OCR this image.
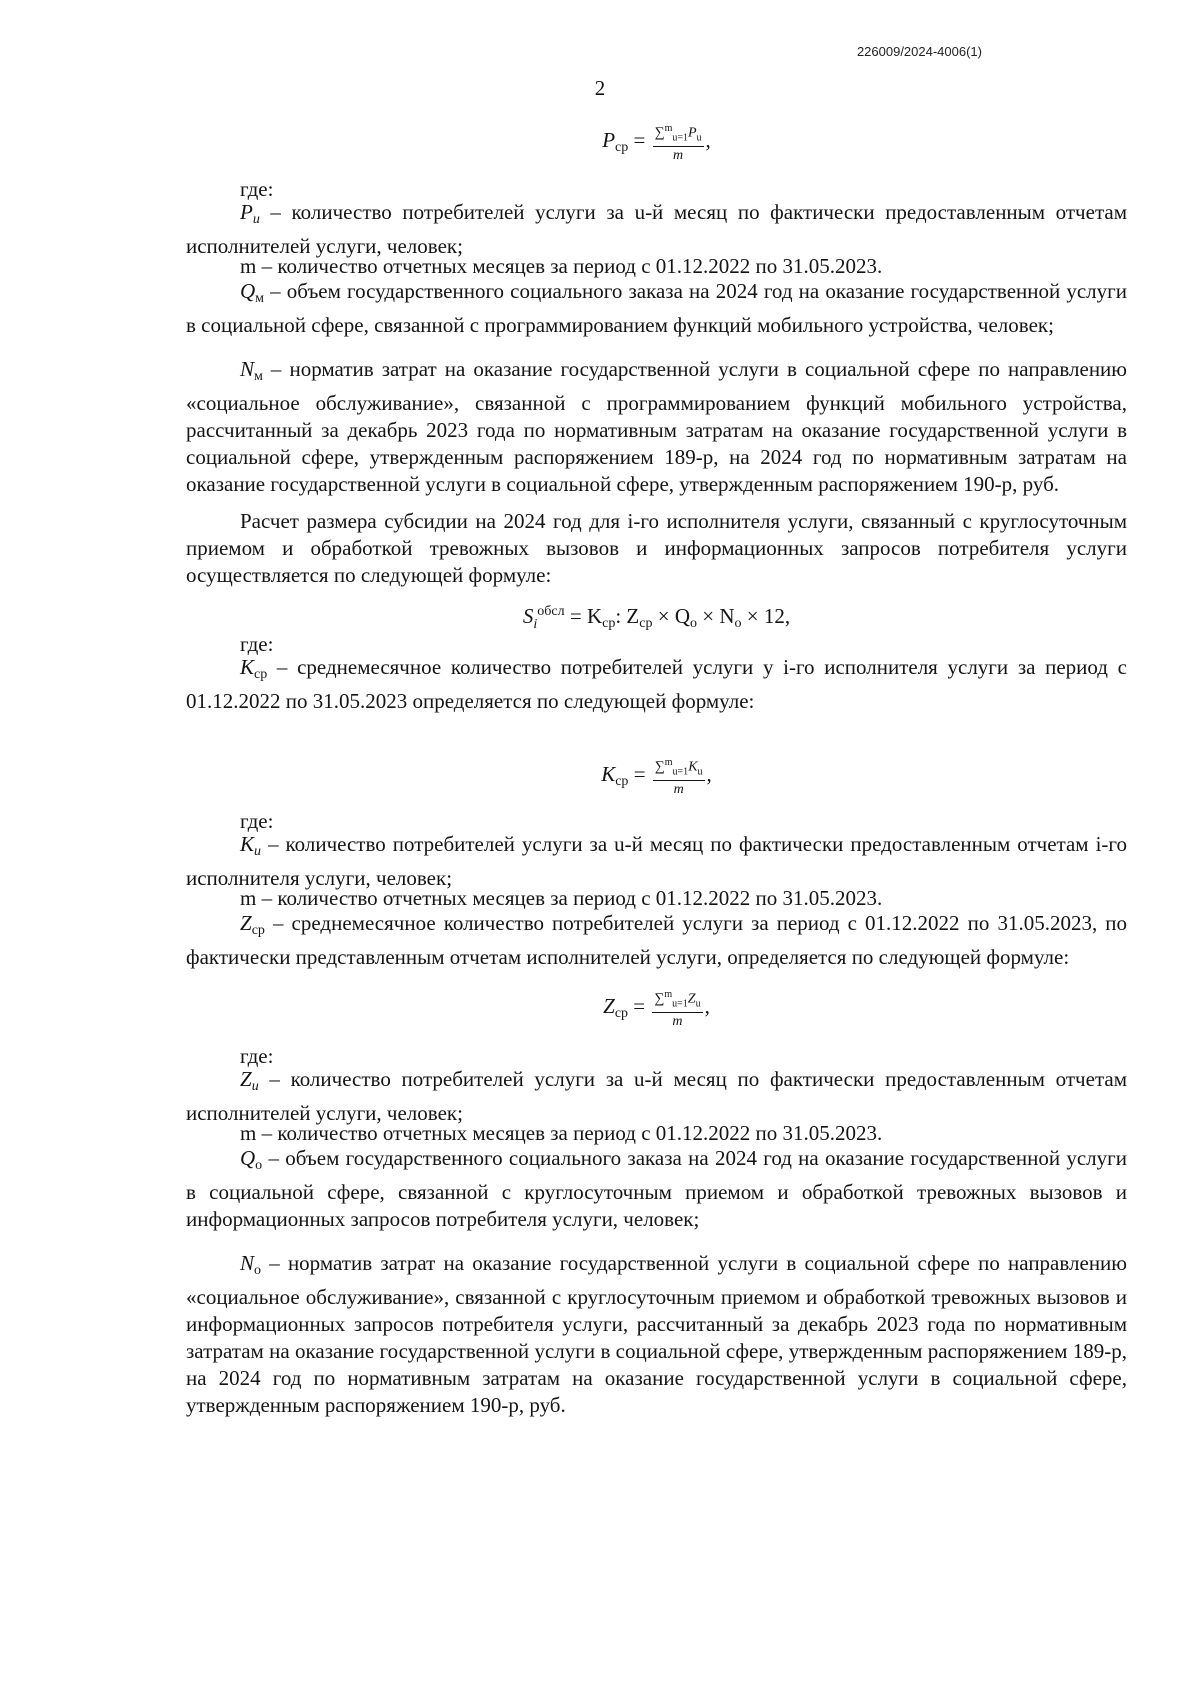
226009/2024-4006(1)
2
$P_{ср} = \frac{\sum^m_{u=1}P_u}{m}$ ,
где:
$P_u$ – количество потребителей услуги за u-й месяц по фактически предоставленным отчетам исполнителей услуги, человек;
m – количество отчетных месяцев за период с 01.12.2022 по 31.05.2023.
$Q_м$ – объем государственного социального заказа на 2024 год на оказание государственной услуги в социальной сфере, связанной с программированием функций мобильного устройства, человек;
$N_м$ – норматив затрат на оказание государственной услуги в социальной сфере по направлению «социальное обслуживание», связанной с программированием функций мобильного устройства, рассчитанный за декабрь 2023 года по нормативным затратам на оказание государственной услуги в социальной сфере, утвержденным распоряжением 189-р, на 2024 год по нормативным затратам на оказание государственной услуги в социальной сфере, утвержденным распоряжением 190-р, руб.
Расчет размера субсидии на 2024 год для i-го исполнителя услуги, связанный с круглосуточным приемом и обработкой тревожных вызовов и информационных запросов потребителя услуги осуществляется по следующей формуле:
$S_i^{обсл} = K_{ср}$: $Z_{ср} \times Q_о \times N_о \times 12$,
где:
$K_{ср}$ – среднемесячное количество потребителей услуги у i-го исполнителя услуги за период с 01.12.2022 по 31.05.2023 определяется по следующей формуле:
$K_{ср} = \frac{\sum^m_{u=1}K_u}{m}$ ,
где:
$K_u$ – количество потребителей услуги за u-й месяц по фактически предоставленным отчетам i-го исполнителя услуги, человек;
m – количество отчетных месяцев за период с 01.12.2022 по 31.05.2023.
$Z_{ср}$ – среднемесячное количество потребителей услуги за период с 01.12.2022 по 31.05.2023, по фактически представленным отчетам исполнителей услуги, определяется по следующей формуле:
$Z_{ср} = \frac{\sum^m_{u=1}Z_u}{m}$ ,
где:
$Z_u$ – количество потребителей услуги за u-й месяц по фактически предоставленным отчетам исполнителей услуги, человек;
m – количество отчетных месяцев за период с 01.12.2022 по 31.05.2023.
$Q_о$ – объем государственного социального заказа на 2024 год на оказание государственной услуги в социальной сфере, связанной с круглосуточным приемом и обработкой тревожных вызовов и информационных запросов потребителя услуги, человек;
$N_о$ – норматив затрат на оказание государственной услуги в социальной сфере по направлению «социальное обслуживание», связанной с круглосуточным приемом и обработкой тревожных вызовов и информационных запросов потребителя услуги, рассчитанный за декабрь 2023 года по нормативным затратам на оказание государственной услуги в социальной сфере, утвержденным распоряжением 189-р, на 2024 год по нормативным затратам на оказание государственной услуги в социальной сфере, утвержденным распоряжением 190-р, руб.
